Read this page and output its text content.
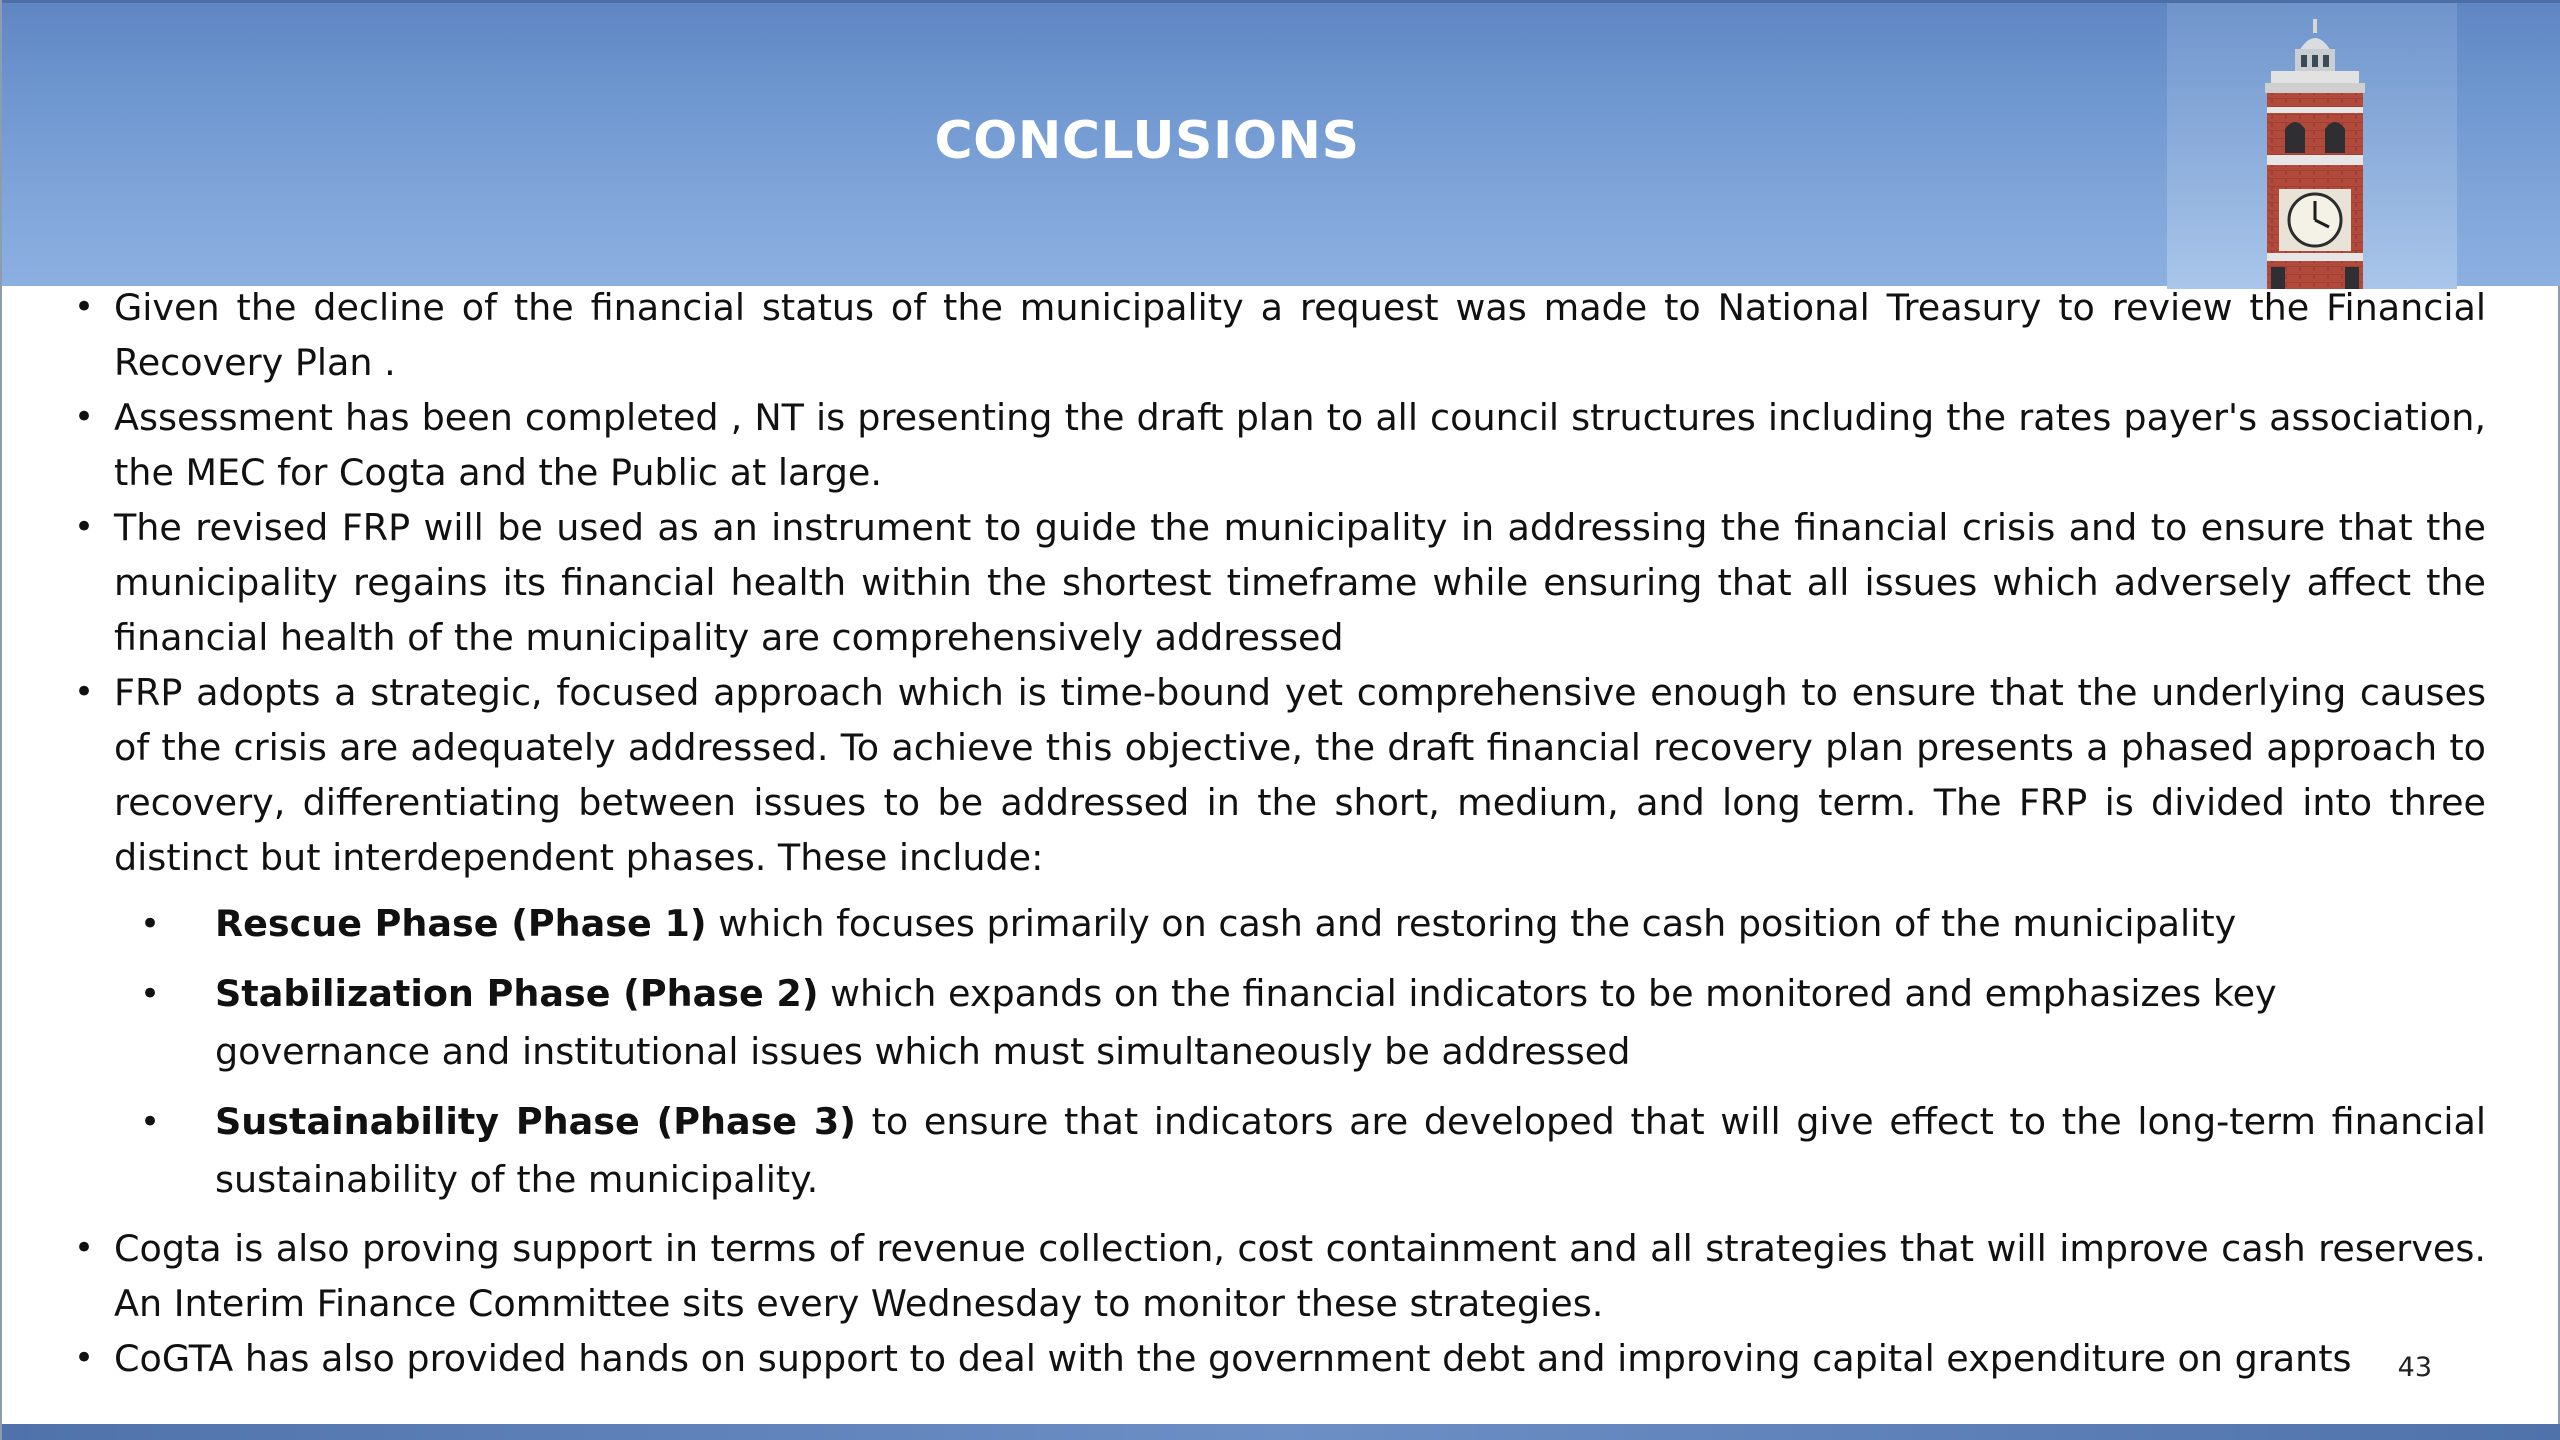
CONCLUSIONS
• Given the decline of the financial status of the municipality a request was made to National Treasury to review the Financial Recovery Plan .
• Assessment has been completed , NT is presenting the draft plan to all council structures including the rates payer's association, the MEC for Cogta and the Public at large.
• The revised FRP will be used as an instrument to guide the municipality in addressing the financial crisis and to ensure that the municipality regains its financial health within the shortest timeframe while ensuring that all issues which adversely affect the financial health of the municipality are comprehensively addressed
• FRP adopts a strategic, focused approach which is time-bound yet comprehensive enough to ensure that the underlying causes of the crisis are adequately addressed. To achieve this objective, the draft financial recovery plan presents a phased approach to recovery, differentiating between issues to be addressed in the short, medium, and long term. The FRP is divided into three distinct but interdependent phases. These include:
• Rescue Phase (Phase 1) which focuses primarily on cash and restoring the cash position of the municipality
• Stabilization Phase (Phase 2) which expands on the financial indicators to be monitored and emphasizes key governance and institutional issues which must simultaneously be addressed
• Sustainability Phase (Phase 3) to ensure that indicators are developed that will give effect to the long-term financial sustainability of the municipality.
• Cogta is also proving support in terms of revenue collection, cost containment and all strategies that will improve cash reserves. An Interim Finance Committee sits every Wednesday to monitor these strategies.
• CoGTA has also provided hands on support to deal with the government debt and improving capital expenditure on grants	43
